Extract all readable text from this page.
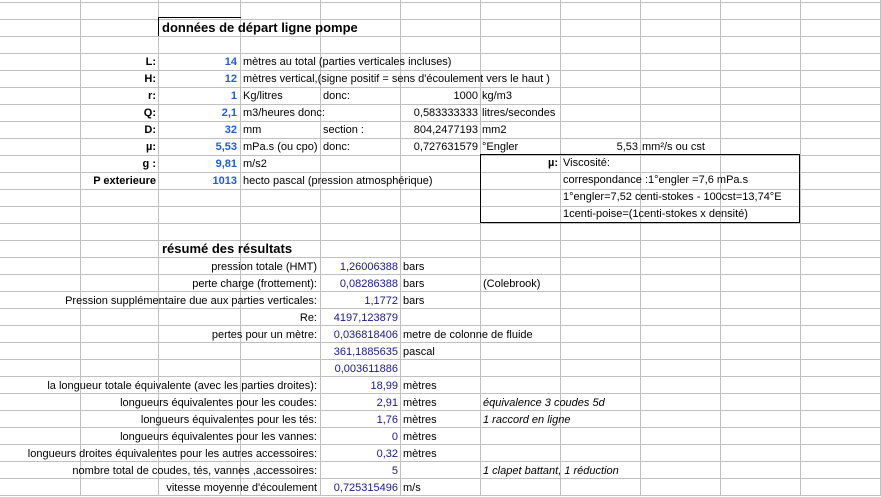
données de départ ligne pompe
L:	14 mètres au total (parties verticales incluses)
H:	12 mètres vertical,(signe positif = sens d'écoulement vers le haut )
r:	1 Kg/litres	donc:	1000 kg/m3
Q:	2,1 m3/heures donc:	0,583333333 litres/secondes
D:	32 mm	section :	804,2477193 mm2
µ:	5,53 mPa.s (ou cpo) donc:	0,727631579 °Engler	5,53 mm²/s ou cst
g :	9,81 m/s2
P exterieure	1013 hecto pascal (pression atmosphérique)
µ: Viscosité:
correspondance :1°engler =7,6 mPa.s
1°engler=7,52 centi-stokes - 100cst=13,74°E
1centi-poise=(1centi-stokes x densité)
résumé des résultats
pression totale (HMT)	1,26006388 bars
perte charge (frottement):	0,08286388 bars	(Colebrook)
Pression supplémentaire due aux parties verticales:	1,1772 bars
Re:	4197,123879
pertes pour un mètre:	0,036818406 metre de colonne de fluide
361,1885635 pascal
0,003611886
la longueur totale équivalente (avec les parties droites):	18,99 mètres
longueurs équivalentes pour les coudes:	2,91 mètres	équivalence 3 coudes 5d
longueurs équivalentes pour les tés:	1,76 mètres	1 raccord en ligne
longueurs équivalentes pour les vannes:	0 mètres
longueurs droites équivalentes pour les autres accessoires:	0,32 mètres
nombre total de coudes, tés, vannes ,accessoires:	5	1 clapet battant, 1 réduction
vitesse moyenne d'écoulement	0,725315496 m/s
